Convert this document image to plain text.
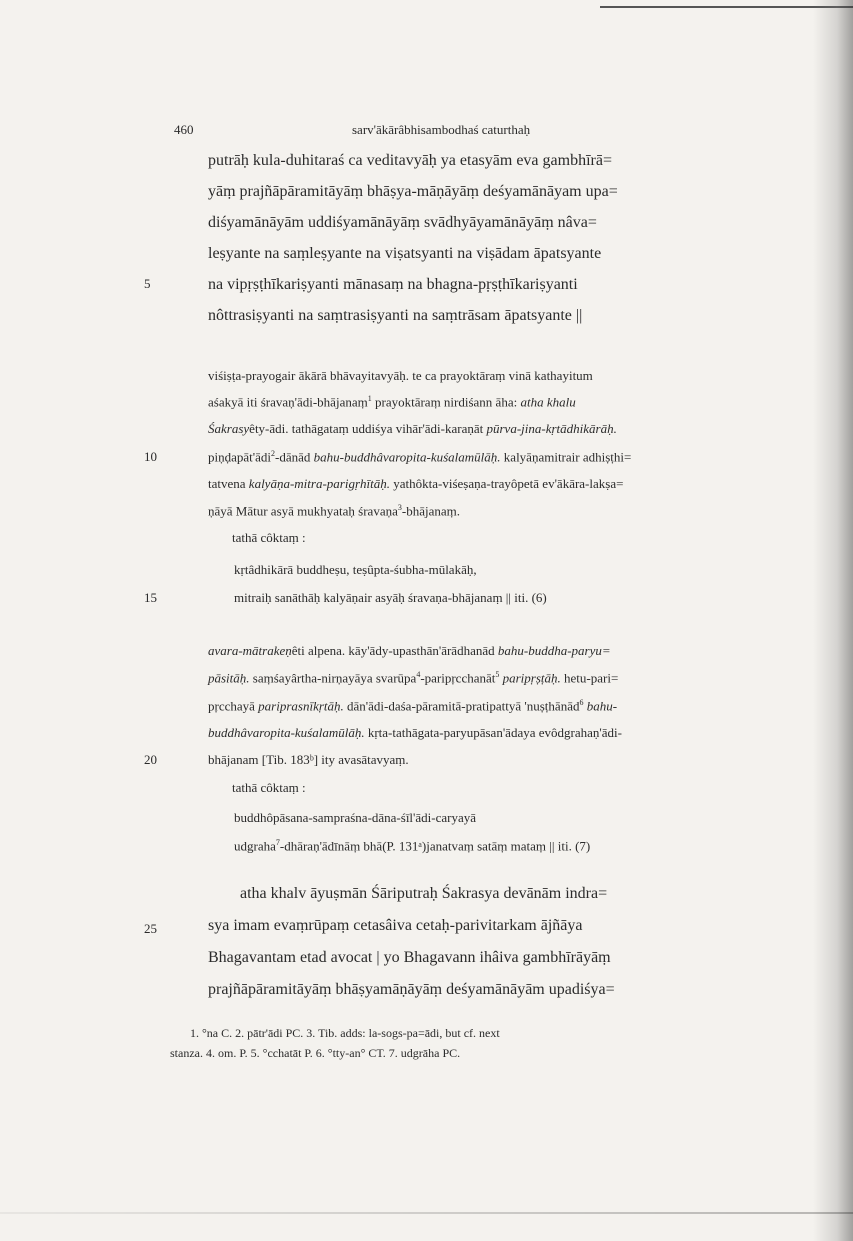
460	sarv'ākārâbhisambodhaś caturthaḥ
5
10
15
20
25
putrāḥ kula-duhitaraś ca veditavyāḥ ya etasyām eva gambhīrā=
yāṃ prajñāpāramitāyāṃ bhāṣya-māṇāyāṃ deśyamānāyam upa=
diśyamānāyām uddiśyamānāyāṃ svādhyāyamānāyāṃ nâva=
leṣyante na saṃleṣyante na viṣatsyanti na viṣādam āpatsyante
na vipṛṣṭhīkariṣyanti mānasaṃ na bhagna-pṛṣṭhīkariṣyanti
nôttrasiṣyanti na saṃtrasiṣyanti na saṃtrāsam āpatsyante ||
viśiṣṭa-prayogair ākārā bhāvayitavyāḥ. te ca prayoktāraṃ vinā kathayitum
aśakyā iti śravaṇ'ādi-bhājanaṃ$^1$ prayoktāraṃ nirdiśann āha: atha khalu
Śakrasyêty-ādi. tathāgataṃ uddiśya vihār'ādi-karaṇāt pūrva-jina-kṛtādhikārāḥ.
piṇḍapāt'ādi$^2$-dānād bahu-buddhâvaropita-kuśalamūlāḥ. kalyāṇamitrair adhiṣṭhi=
tatvena kalyāṇa-mitra-parigṛhītāḥ. yathôkta-viśeṣaṇa-trayôpetā ev'ākāra-lakṣa=
ṇāyā Mātur asyā mukhyataḥ śravaṇa$^3$-bhājanaṃ.
tathā côktaṃ :
kṛtâdhikārā buddheṣu, teṣûpta-śubha-mūlakāḥ,
mitraiḥ sanāthāḥ kalyāṇair asyāḥ śravaṇa-bhājanaṃ || iti. (6)
avara-mātrakeṇêti alpena. kāy'ādy-upasthān'ārādhanād bahu-buddha-paryu=
pāsitāḥ. saṃśayârtha-nirṇayāya svarūpa$^4$-paripṛcchanāt$^5$ paripṛṣṭāḥ. hetu-pari=
pṛcchayā pariprasnīkṛtāḥ. dān'ādi-daśa-pāramitā-pratipattyā 'nuṣṭhānād$^6$ bahu-
buddhâvaropita-kuśalamūlāḥ. kṛta-tathāgata-paryupāsan'ādaya evôdgrahaṇ'ādi-
bhājanam [Tib. 183ᵇ] ity avasātavyaṃ.
tathā côktaṃ :
buddhôpāsana-sampraśna-dāna-śīl'ādi-caryayā
udgraha$^7$-dhāraṇ'ādīnāṃ bhā(P. 131ᵃ)janatvaṃ satāṃ mataṃ || iti. (7)
atha khalv āyuṣmān Śāriputraḥ Śakrasya devānām indra=
sya imam evaṃrūpaṃ cetasâiva cetaḥ-parivitarkam ājñāya
Bhagavantam etad avocat | yo Bhagavann ihâiva gambhīrāyāṃ
prajñāpāramitāyāṃ bhāṣyamāṇāyāṃ deśyamānāyām upadiśya=
1. °na C. 2. pātr'ādi PC. 3. Tib. adds: la-sogs-pa=ādi, but cf. next
stanza. 4. om. P. 5. °cchatāt P. 6. °tty-an° CT. 7. udgrāha PC.
